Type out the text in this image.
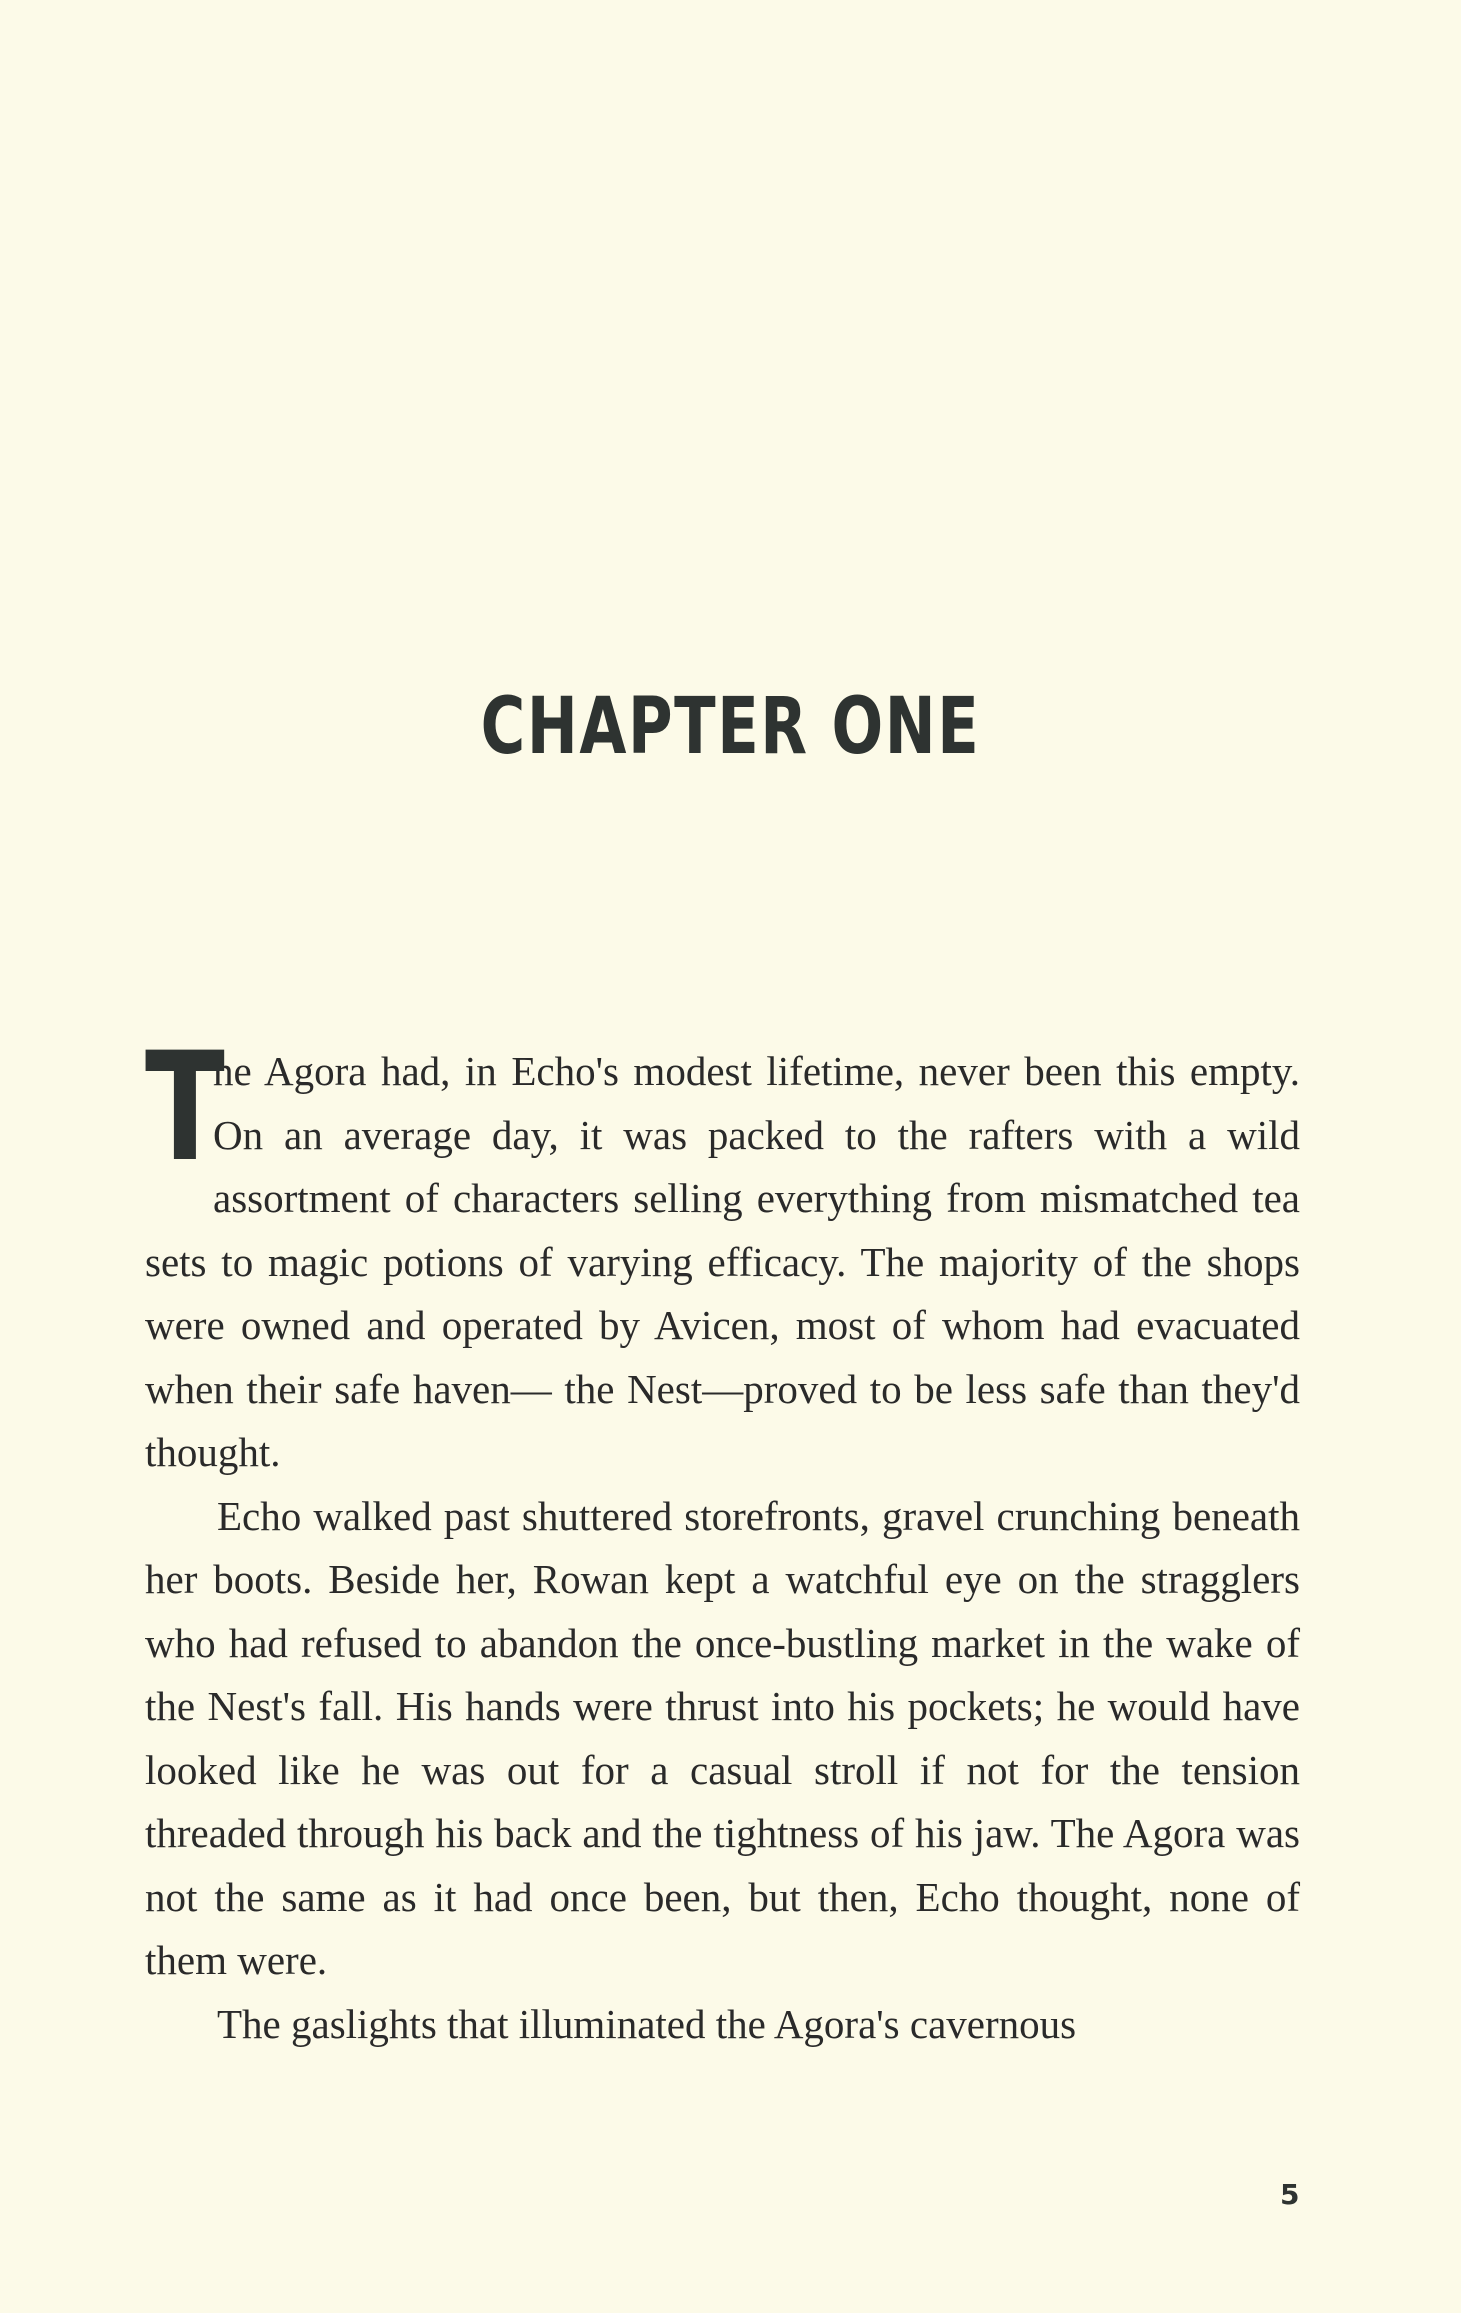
CHAPTER ONE

T
he Agora had, in Echo's modest lifetime, never been this empty. On an average day, it was packed to the rafters with a wild assortment of characters selling everything from mismatched tea sets to magic potions of varying efficacy. The majority of the shops were owned and operated by Avicen, most of whom had evacuated when their safe haven— the Nest—proved to be less safe than they'd thought.

Echo walked past shuttered storefronts, gravel crunching beneath her boots. Beside her, Rowan kept a watchful eye on the stragglers who had refused to abandon the once-bustling market in the wake of the Nest's fall. His hands were thrust into his pockets; he would have looked like he was out for a casual stroll if not for the tension threaded through his back and the tightness of his jaw. The Agora was not the same as it had once been, but then, Echo thought, none of them were.

The gaslights that illuminated the Agora's cavernous

5
